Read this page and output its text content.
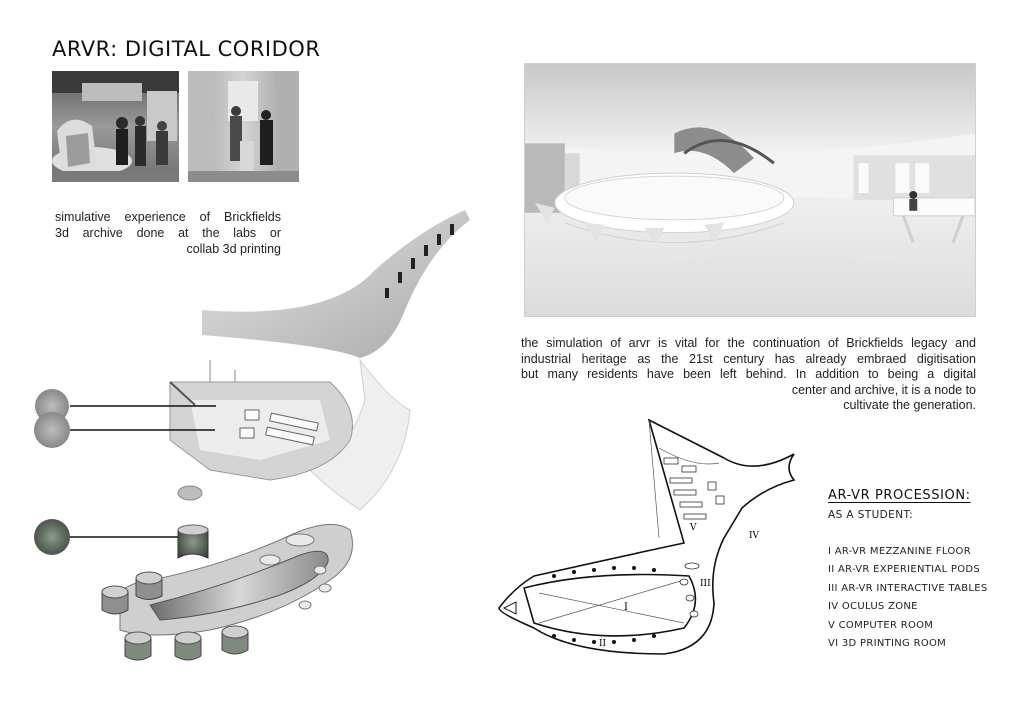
ARVR: DIGITAL CORIDOR
simulative experience of Brickfields
3d archive done at the labs or
collab 3d printing
the simulation of arvr is vital for the continuation of Brickfields legacy and
industrial heritage as the 21st century has already embraed digitisation
but many residents have been left behind. In addition to being a digital
center and archive, it is a node to
cultivate the generation.
I
II
III
IV
V
AR-VR PROCESSION:
AS A STUDENT:
I AR-VR MEZZANINE FLOOR
II AR-VR EXPERIENTIAL PODS
III AR-VR INTERACTIVE TABLES
IV OCULUS ZONE
V COMPUTER ROOM
VI 3D PRINTING ROOM
